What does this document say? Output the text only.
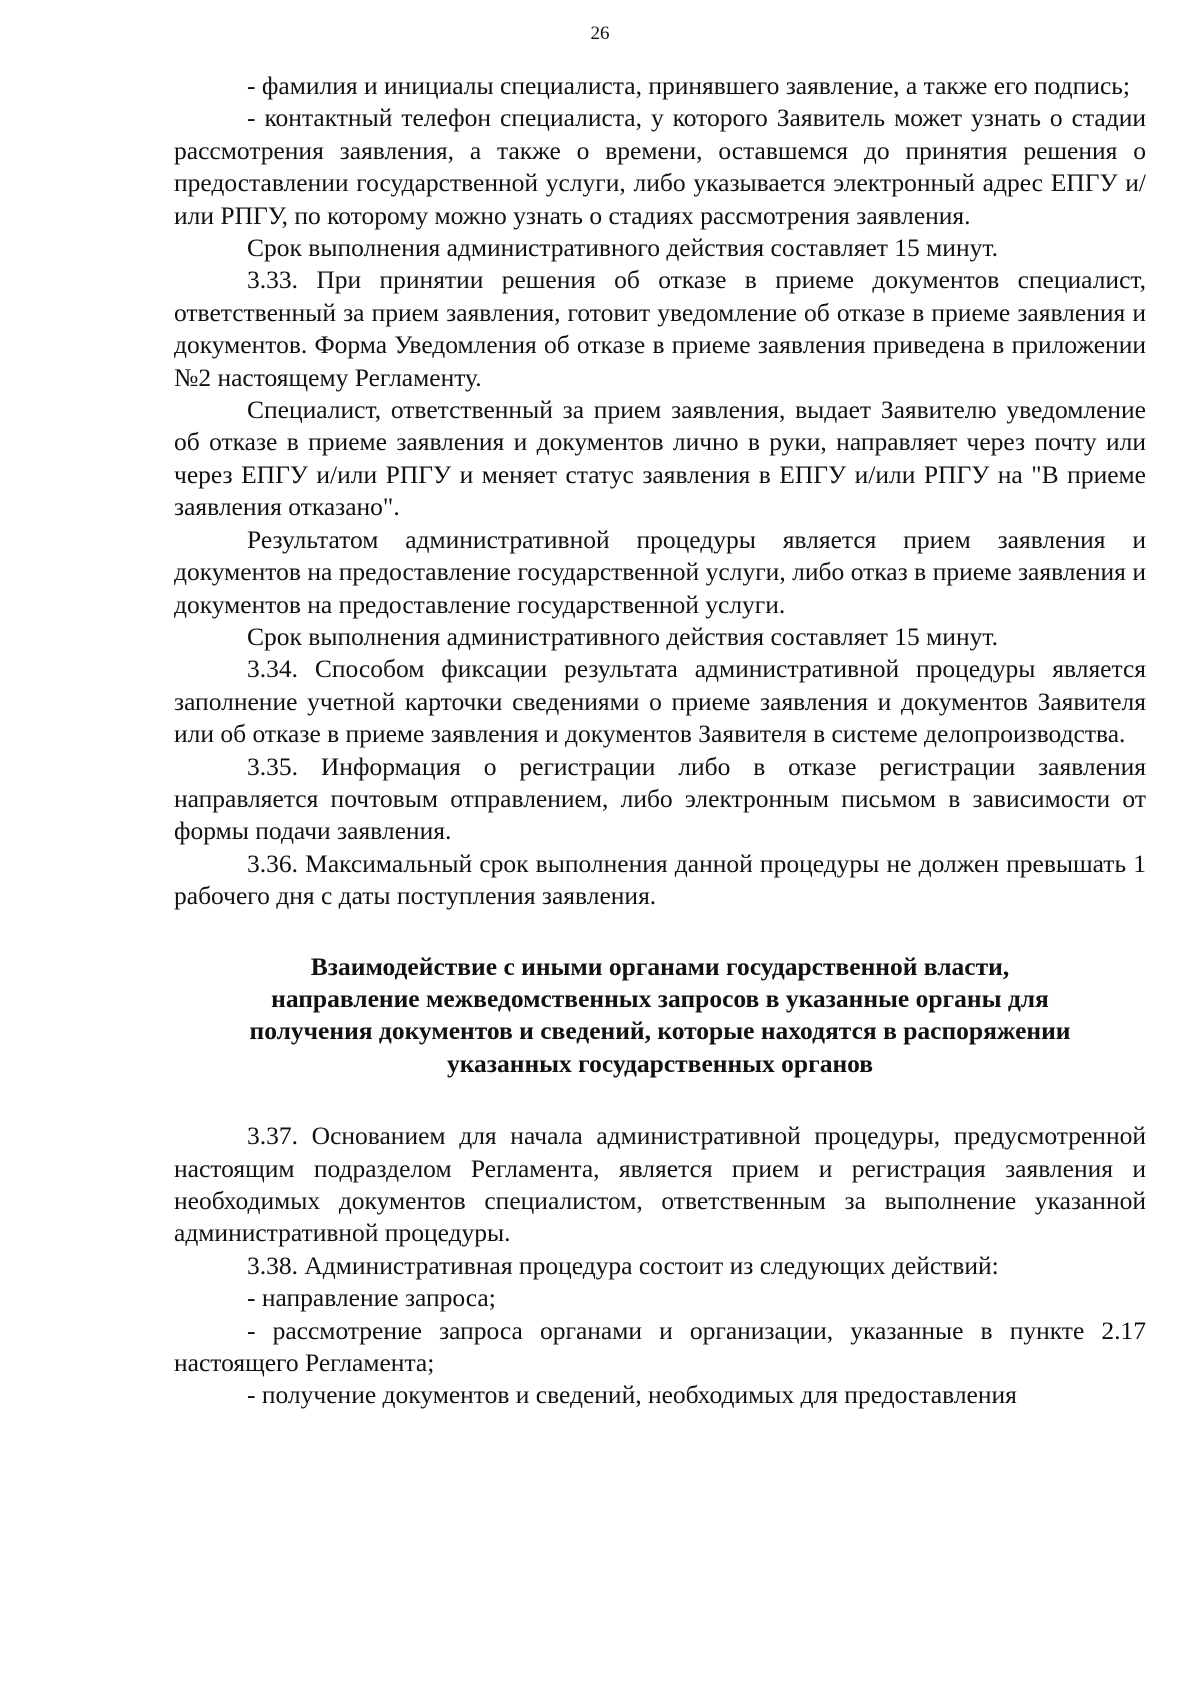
26

- фамилия и инициалы специалиста, принявшего заявление, а также его подпись;

- контактный телефон специалиста, у которого Заявитель может узнать о стадии рассмотрения заявления, а также о времени, оставшемся до принятия решения о предоставлении государственной услуги, либо указывается электронный адрес ЕПГУ и/или РПГУ, по которому можно узнать о стадиях рассмотрения заявления.

Срок выполнения административного действия составляет 15 минут.

3.33. При принятии решения об отказе в приеме документов специалист, ответственный за прием заявления, готовит уведомление об отказе в приеме заявления и документов. Форма Уведомления об отказе в приеме заявления приведена в приложении №2 настоящему Регламенту.

Специалист, ответственный за прием заявления, выдает Заявителю уведомление об отказе в приеме заявления и документов лично в руки, направляет через почту или через ЕПГУ и/или РПГУ и меняет статус заявления в ЕПГУ и/или РПГУ на "В приеме заявления отказано".

Результатом административной процедуры является прием заявления и документов на предоставление государственной услуги, либо отказ в приеме заявления и документов на предоставление государственной услуги.

Срок выполнения административного действия составляет 15 минут.

3.34. Способом фиксации результата административной процедуры является заполнение учетной карточки сведениями о приеме заявления и документов Заявителя или об отказе в приеме заявления и документов Заявителя в системе делопроизводства.

3.35. Информация о регистрации либо в отказе регистрации заявления направляется почтовым отправлением, либо электронным письмом в зависимости от формы подачи заявления.

3.36. Максимальный срок выполнения данной процедуры не должен превышать 1 рабочего дня с даты поступления заявления.

Взаимодействие с иными органами государственной власти,
направление межведомственных запросов в указанные органы для
получения документов и сведений, которые находятся в распоряжении
указанных государственных органов

3.37. Основанием для начала административной процедуры, предусмотренной настоящим подразделом Регламента, является прием и регистрация заявления и необходимых документов специалистом, ответственным за выполнение указанной административной процедуры.

3.38. Административная процедура состоит из следующих действий:

- направление запроса;

- рассмотрение запроса органами и организации, указанные в пункте 2.17 настоящего Регламента;

- получение документов и сведений, необходимых для предоставления
